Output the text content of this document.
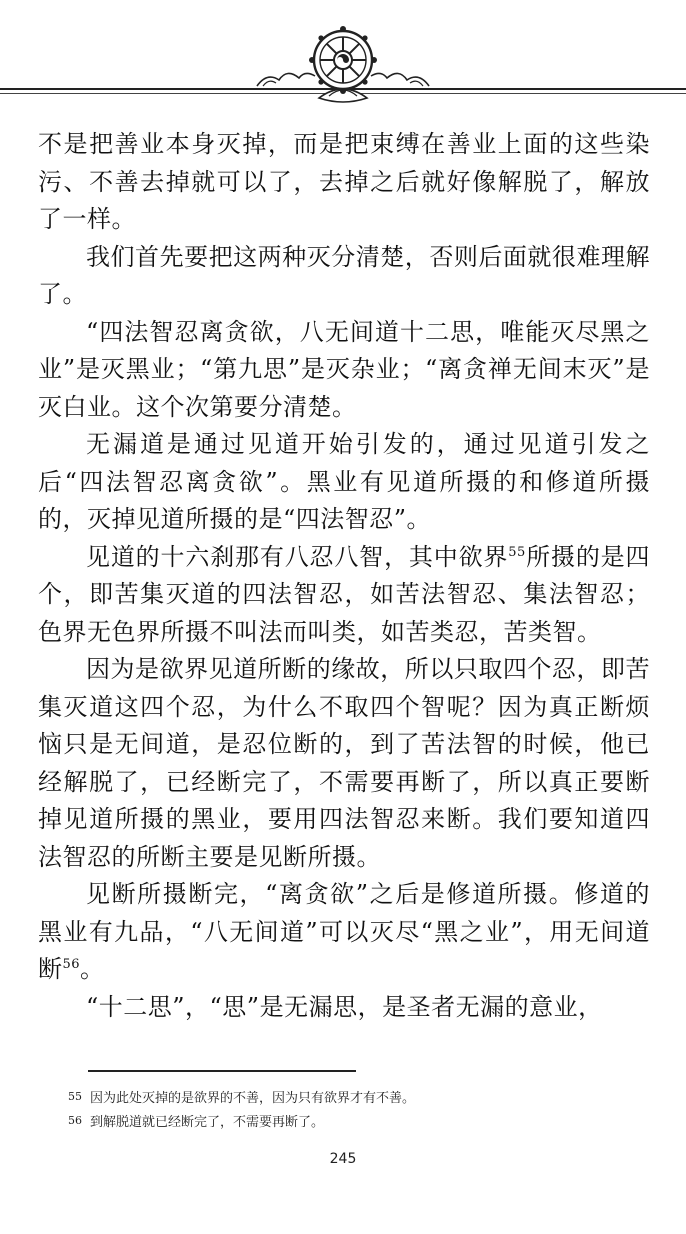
不是把善业本身灭掉，而是把束缚在善业上面的这些染污、不善去掉就可以了，去掉之后就好像解脱了，解放了一样。

我们首先要把这两种灭分清楚，否则后面就很难理解了。

“四法智忍离贪欲，八无间道十二思，唯能灭尽黑之业”是灭黑业；“第九思”是灭杂业；“离贪禅无间末灭”是灭白业。这个次第要分清楚。

无漏道是通过见道开始引发的，通过见道引发之后“四法智忍离贪欲”。黑业有见道所摄的和修道所摄的，灭掉见道所摄的是“四法智忍”。

见道的十六刹那有八忍八智，其中欲界$^{55}$所摄的是四个，即苦集灭道的四法智忍，如苦法智忍、集法智忍；色界无色界所摄不叫法而叫类，如苦类忍，苦类智。

因为是欲界见道所断的缘故，所以只取四个忍，即苦集灭道这四个忍，为什么不取四个智呢？因为真正断烦恼只是无间道，是忍位断的，到了苦法智的时候，他已经解脱了，已经断完了，不需要再断了，所以真正要断掉见道所摄的黑业，要用四法智忍来断。我们要知道四法智忍的所断主要是见断所摄。

见断所摄断完，“离贪欲”之后是修道所摄。修道的黑业有九品，“八无间道”可以灭尽“黑之业”，用无间道断$^{56}$。

“十二思”，“思”是无漏思，是圣者无漏的意业，

55 因为此处灭掉的是欲界的不善，因为只有欲界才有不善。
56 到解脱道就已经断完了，不需要再断了。
245
